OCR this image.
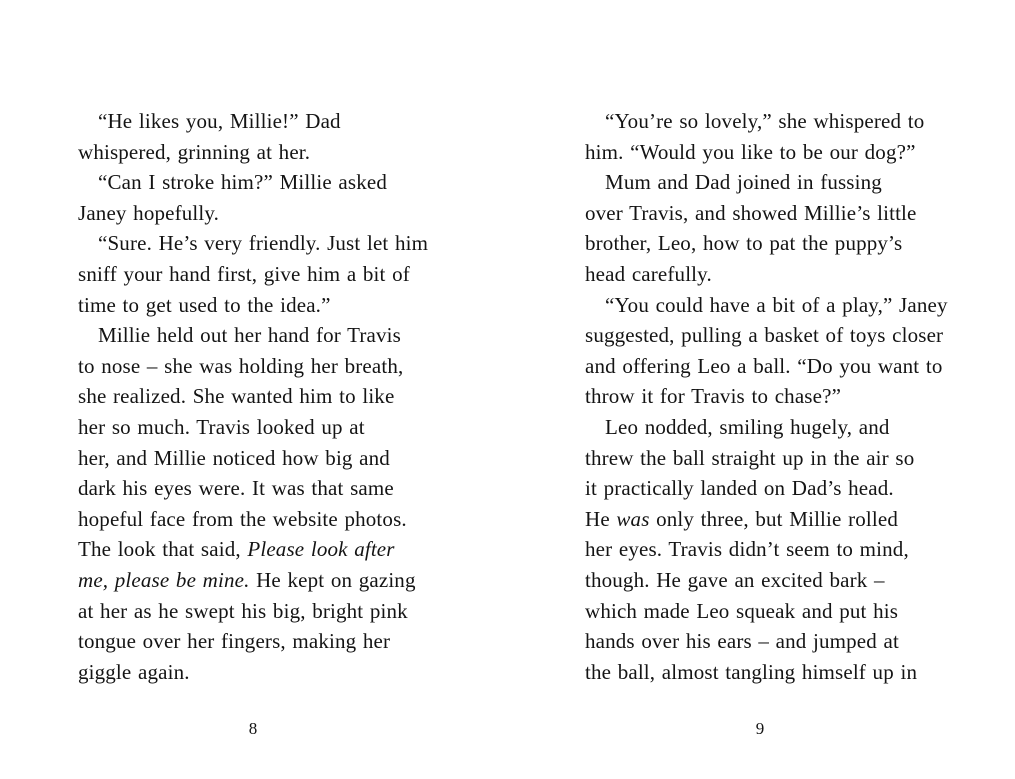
“He likes you, Millie!” Dad
whispered, grinning at her.
“Can I stroke him?” Millie asked
Janey hopefully.
“Sure. He’s very friendly. Just let him
sniff your hand first, give him a bit of
time to get used to the idea.”
Millie held out her hand for Travis
to nose – she was holding her breath,
she realized. She wanted him to like
her so much. Travis looked up at
her, and Millie noticed how big and
dark his eyes were. It was that same
hopeful face from the website photos.
The look that said, Please look after
me, please be mine. He kept on gazing
at her as he swept his big, bright pink
tongue over her fingers, making her
giggle again.
8
“You’re so lovely,” she whispered to
him. “Would you like to be our dog?”
Mum and Dad joined in fussing
over Travis, and showed Millie’s little
brother, Leo, how to pat the puppy’s
head carefully.
“You could have a bit of a play,” Janey
suggested, pulling a basket of toys closer
and offering Leo a ball. “Do you want to
throw it for Travis to chase?”
Leo nodded, smiling hugely, and
threw the ball straight up in the air so
it practically landed on Dad’s head.
He was only three, but Millie rolled
her eyes. Travis didn’t seem to mind,
though. He gave an excited bark –
which made Leo squeak and put his
hands over his ears – and jumped at
the ball, almost tangling himself up in
9
